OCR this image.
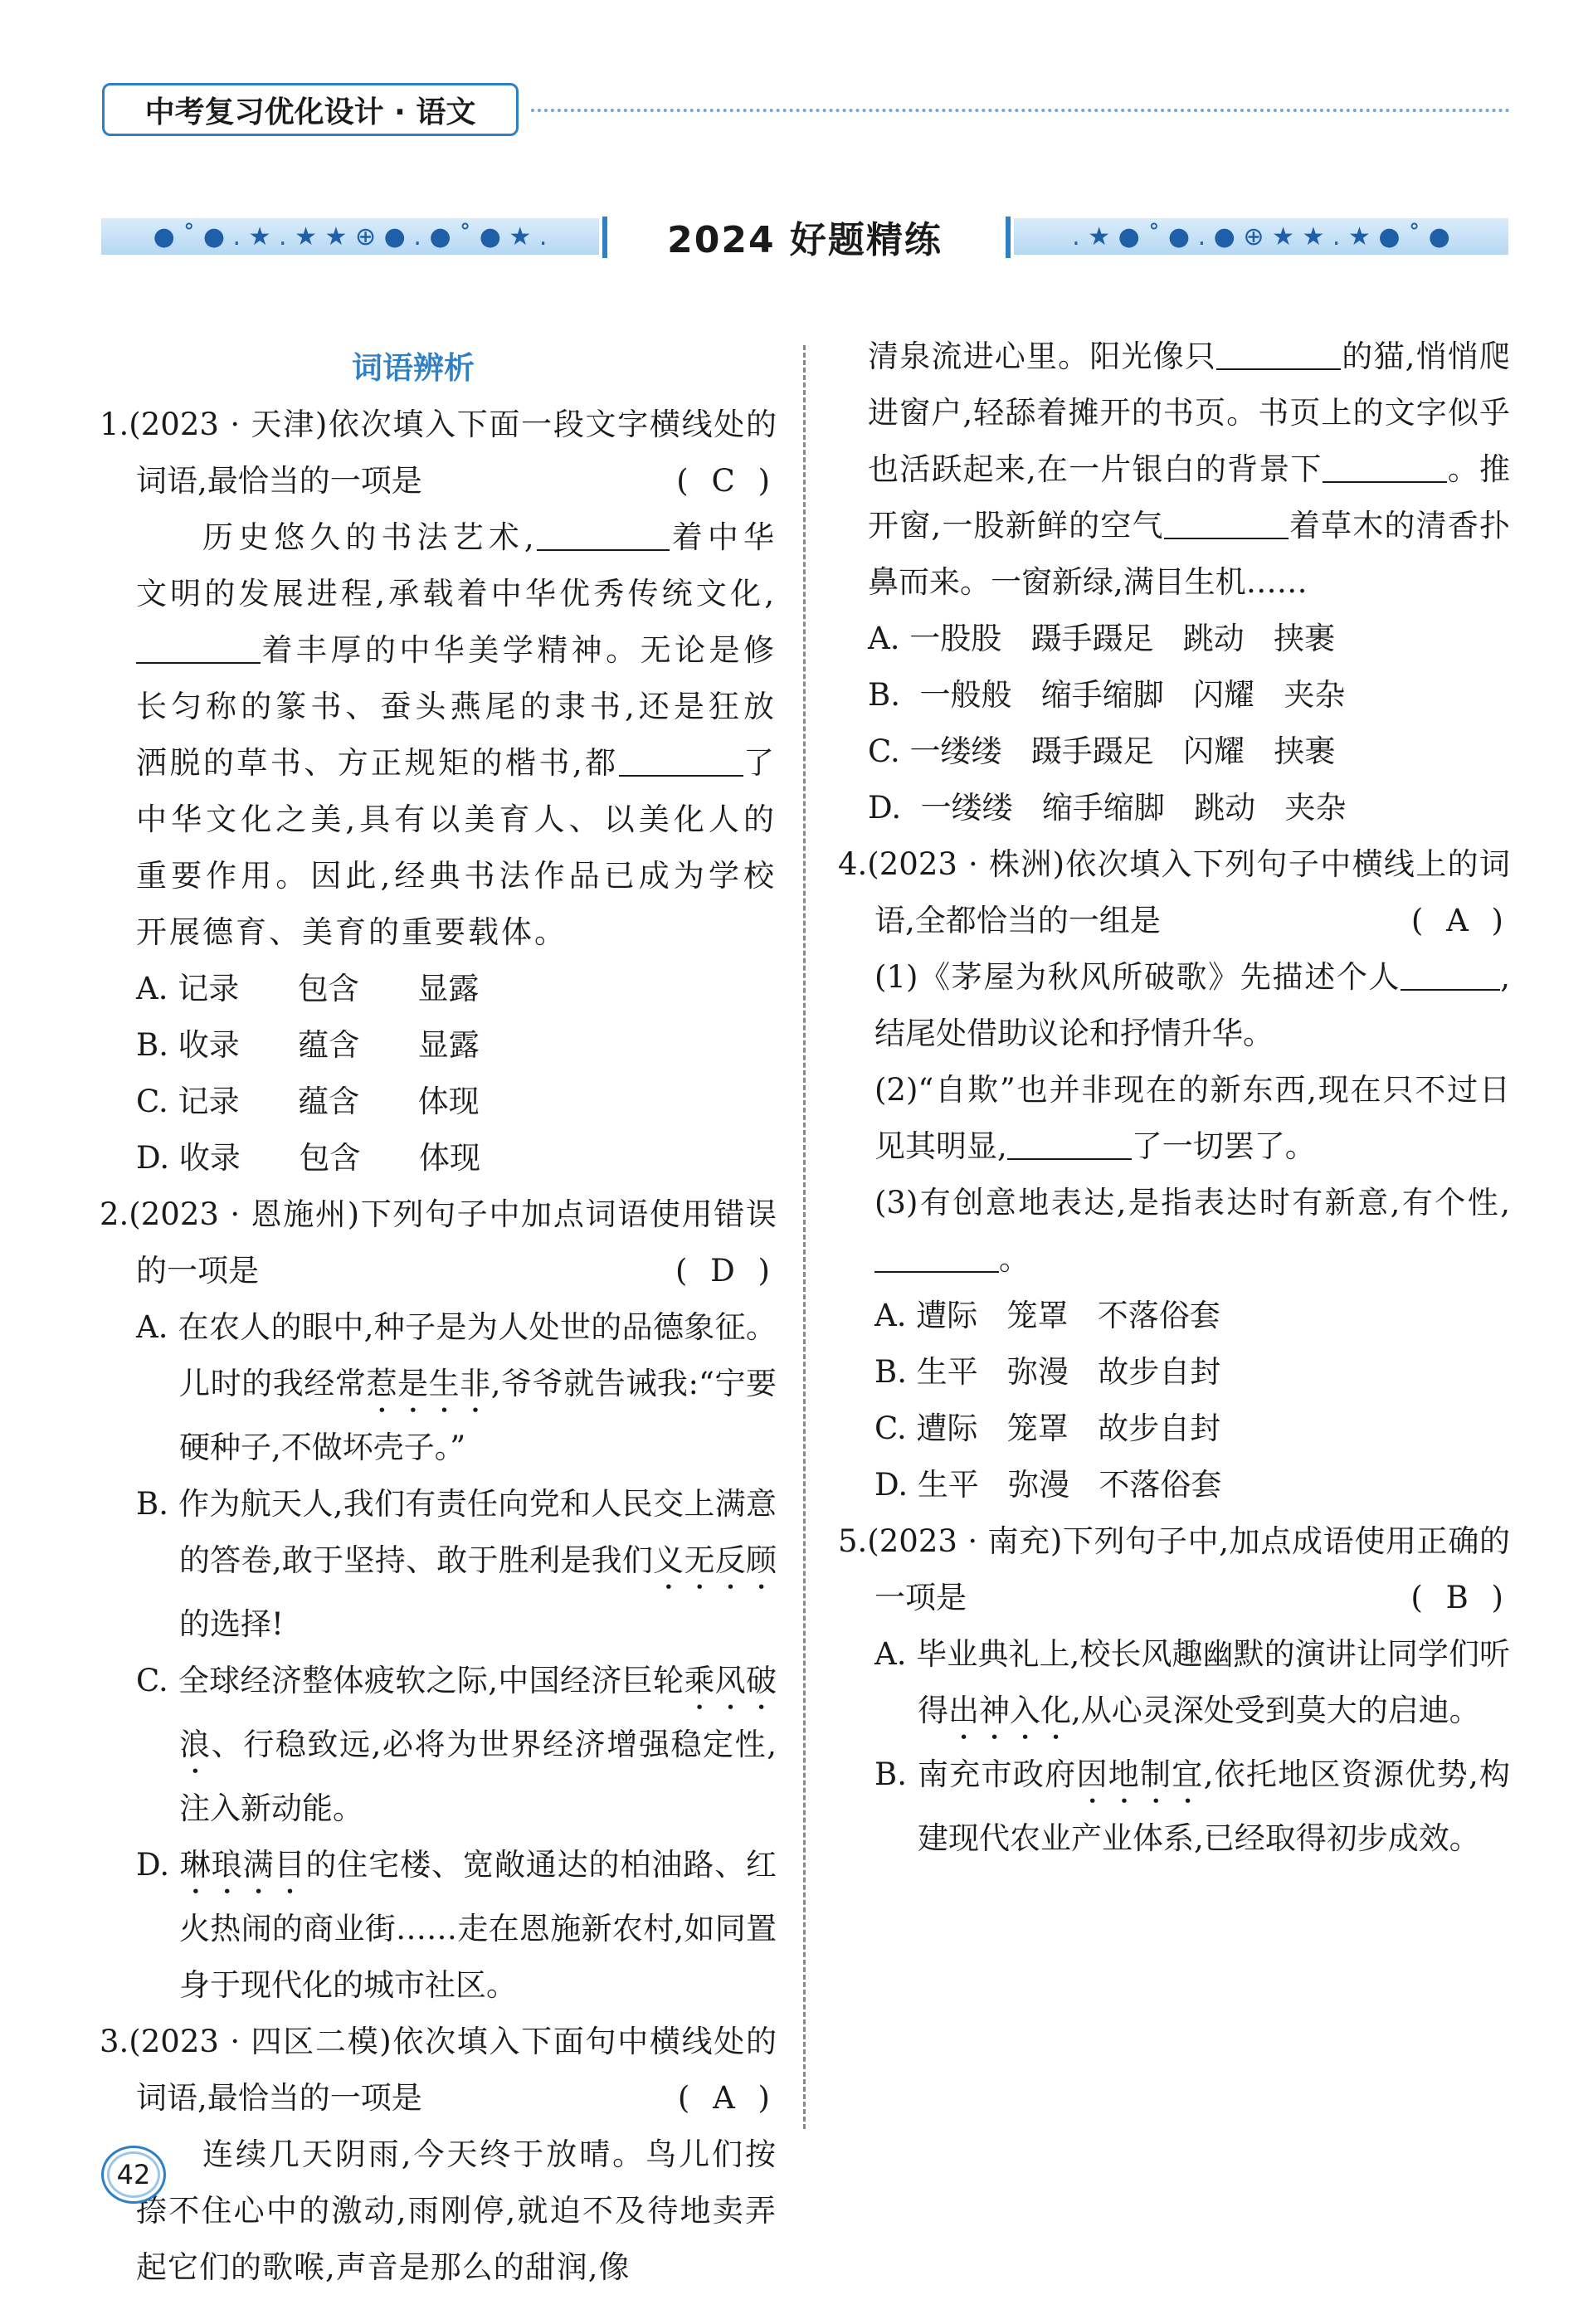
中考复习优化设计 · 语文
● ˚ ● . ★ . ★ ★ ⊕ ● . ● ˚ ● ★ .	2024 好题精练	. ★ ● ˚ ● . ● ⊕ ★ ★ . ★ ● ˚ ●
词语辨析

1.(2023 · 天津)依次填入下面一段文字横线处的词语,最恰当的一项是	( C )

历史悠久的书法艺术,	着中华文明的发展进程,承载着中华优秀传统文化,着丰厚的中华美学精神。无论是修长匀称的篆书、蚕头燕尾的隶书,还是狂放洒脱的草书、方正规矩的楷书,都	了中华文化之美,具有以美育人、以美化人的重要作用。因此,经典书法作品已成为学校开展德育、美育的重要载体。

A. 记录      包含      显露

B. 收录      蕴含      显露

C. 记录      蕴含      体现

D. 收录      包含      体现

2.(2023 · 恩施州)下列句子中加点词语使用错误的一项是	( D )

A. 在农人的眼中,种子是为人处世的品德象征。儿时的我经常惹是生非,爷爷就告诫我:“宁要硬种子,不做坏壳子。”

B. 作为航天人,我们有责任向党和人民交上满意的答卷,敢于坚持、敢于胜利是我们义无反顾的选择!

C. 全球经济整体疲软之际,中国经济巨轮乘风破浪、行稳致远,必将为世界经济增强稳定性,注入新动能。

D. 琳琅满目的住宅楼、宽敞通达的柏油路、红火热闹的商业街……走在恩施新农村,如同置身于现代化的城市社区。

3.(2023 · 四区二模)依次填入下面句中横线处的词语,最恰当的一项是	( A )

连续几天阴雨,今天终于放晴。鸟儿们按捺不住心中的激动,雨刚停,就迫不及待地卖弄起它们的歌喉,声音是那么的甜润,像

清泉流进心里。阳光像只	的猫,悄悄爬进窗户,轻舔着摊开的书页。书页上的文字似乎也活跃起来,在一片银白的背景下	。推开窗,一股新鲜的空气	着草木的清香扑鼻而来。一窗新绿,满目生机……

A. 一股股   蹑手蹑足   跳动   挟裹

B.  一般般   缩手缩脚   闪耀   夹杂

C. 一缕缕   蹑手蹑足   闪耀   挟裹

D.  一缕缕   缩手缩脚   跳动   夹杂

4.(2023 · 株洲)依次填入下列句子中横线上的词语,全都恰当的一组是	( A )

(1)《茅屋为秋风所破歌》先描述个人	,结尾处借助议论和抒情升华。

(2)“自欺”也并非现在的新东西,现在只不过日见其明显,	了一切罢了。

(3)有创意地表达,是指表达时有新意,有个性,。

A. 遭际   笼罩   不落俗套

B. 生平   弥漫   故步自封

C. 遭际   笼罩   故步自封

D. 生平   弥漫   不落俗套

5.(2023 · 南充)下列句子中,加点成语使用正确的一项是	( B )

A. 毕业典礼上,校长风趣幽默的演讲让同学们听得出神入化,从心灵深处受到莫大的启迪。

B. 南充市政府因地制宜,依托地区资源优势,构建现代农业产业体系,已经取得初步成效。

42
